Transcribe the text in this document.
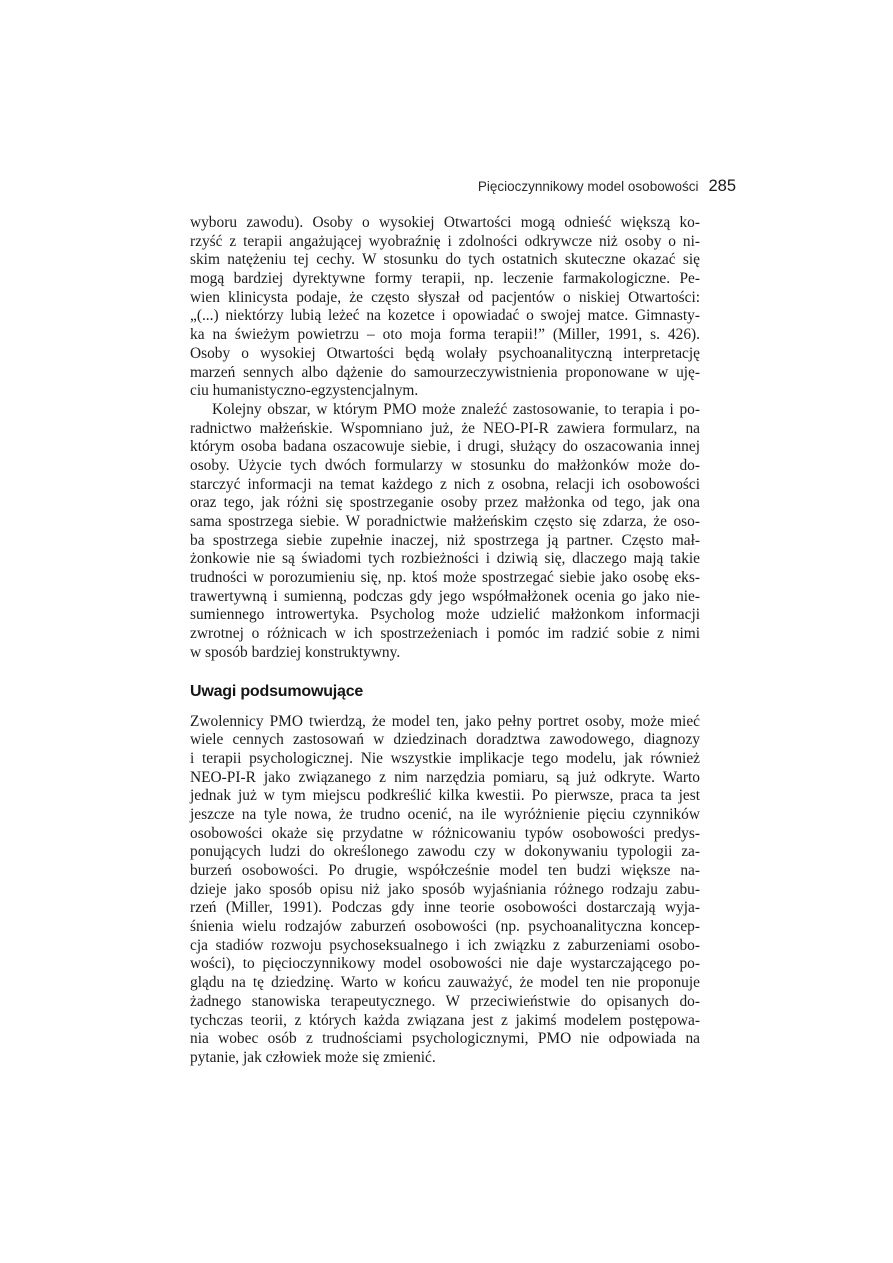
Pięcioczynnikowy model osobowości 285
wyboru zawodu). Osoby o wysokiej Otwartości mogą odnieść większą ko-
rzyść z terapii angażującej wyobraźnię i zdolności odkrywcze niż osoby o ni-
skim natężeniu tej cechy. W stosunku do tych ostatnich skuteczne okazać się
mogą bardziej dyrektywne formy terapii, np. leczenie farmakologiczne. Pe-
wien klinicysta podaje, że często słyszał od pacjentów o niskiej Otwartości:
„(...) niektórzy lubią leżeć na kozetce i opowiadać o swojej matce. Gimnasty-
ka na świeżym powietrzu – oto moja forma terapii!” (Miller, 1991, s. 426).
Osoby o wysokiej Otwartości będą wolały psychoanalityczną interpretację
marzeń sennych albo dążenie do samourzeczywistnienia proponowane w uję-
ciu humanistyczno-egzystencjalnym.
Kolejny obszar, w którym PMO może znaleźć zastosowanie, to terapia i po-
radnictwo małżeńskie. Wspomniano już, że NEO-PI-R zawiera formularz, na
którym osoba badana oszacowuje siebie, i drugi, służący do oszacowania innej
osoby. Użycie tych dwóch formularzy w stosunku do małżonków może do-
starczyć informacji na temat każdego z nich z osobna, relacji ich osobowości
oraz tego, jak różni się spostrzeganie osoby przez małżonka od tego, jak ona
sama spostrzega siebie. W poradnictwie małżeńskim często się zdarza, że oso-
ba spostrzega siebie zupełnie inaczej, niż spostrzega ją partner. Często mał-
żonkowie nie są świadomi tych rozbieżności i dziwią się, dlaczego mają takie
trudności w porozumieniu się, np. ktoś może spostrzegać siebie jako osobę eks-
trawertywną i sumienną, podczas gdy jego współmałżonek ocenia go jako nie-
sumiennego introwertyka. Psycholog może udzielić małżonkom informacji
zwrotnej o różnicach w ich spostrzeżeniach i pomóc im radzić sobie z nimi
w sposób bardziej konstruktywny.
Uwagi podsumowujące
Zwolennicy PMO twierdzą, że model ten, jako pełny portret osoby, może mieć
wiele cennych zastosowań w dziedzinach doradztwa zawodowego, diagnozy
i terapii psychologicznej. Nie wszystkie implikacje tego modelu, jak również
NEO-PI-R jako związanego z nim narzędzia pomiaru, są już odkryte. Warto
jednak już w tym miejscu podkreślić kilka kwestii. Po pierwsze, praca ta jest
jeszcze na tyle nowa, że trudno ocenić, na ile wyróżnienie pięciu czynników
osobowości okaże się przydatne w różnicowaniu typów osobowości predys-
ponujących ludzi do określonego zawodu czy w dokonywaniu typologii za-
burzeń osobowości. Po drugie, współcześnie model ten budzi większe na-
dzieje jako sposób opisu niż jako sposób wyjaśniania różnego rodzaju zabu-
rzeń (Miller, 1991). Podczas gdy inne teorie osobowości dostarczają wyja-
śnienia wielu rodzajów zaburzeń osobowości (np. psychoanalityczna koncep-
cja stadiów rozwoju psychoseksualnego i ich związku z zaburzeniami osobo-
wości), to pięcioczynnikowy model osobowości nie daje wystarczającego po-
glądu na tę dziedzinę. Warto w końcu zauważyć, że model ten nie proponuje
żadnego stanowiska terapeutycznego. W przeciwieństwie do opisanych do-
tychczas teorii, z których każda związana jest z jakimś modelem postępowa-
nia wobec osób z trudnościami psychologicznymi, PMO nie odpowiada na
pytanie, jak człowiek może się zmienić.
